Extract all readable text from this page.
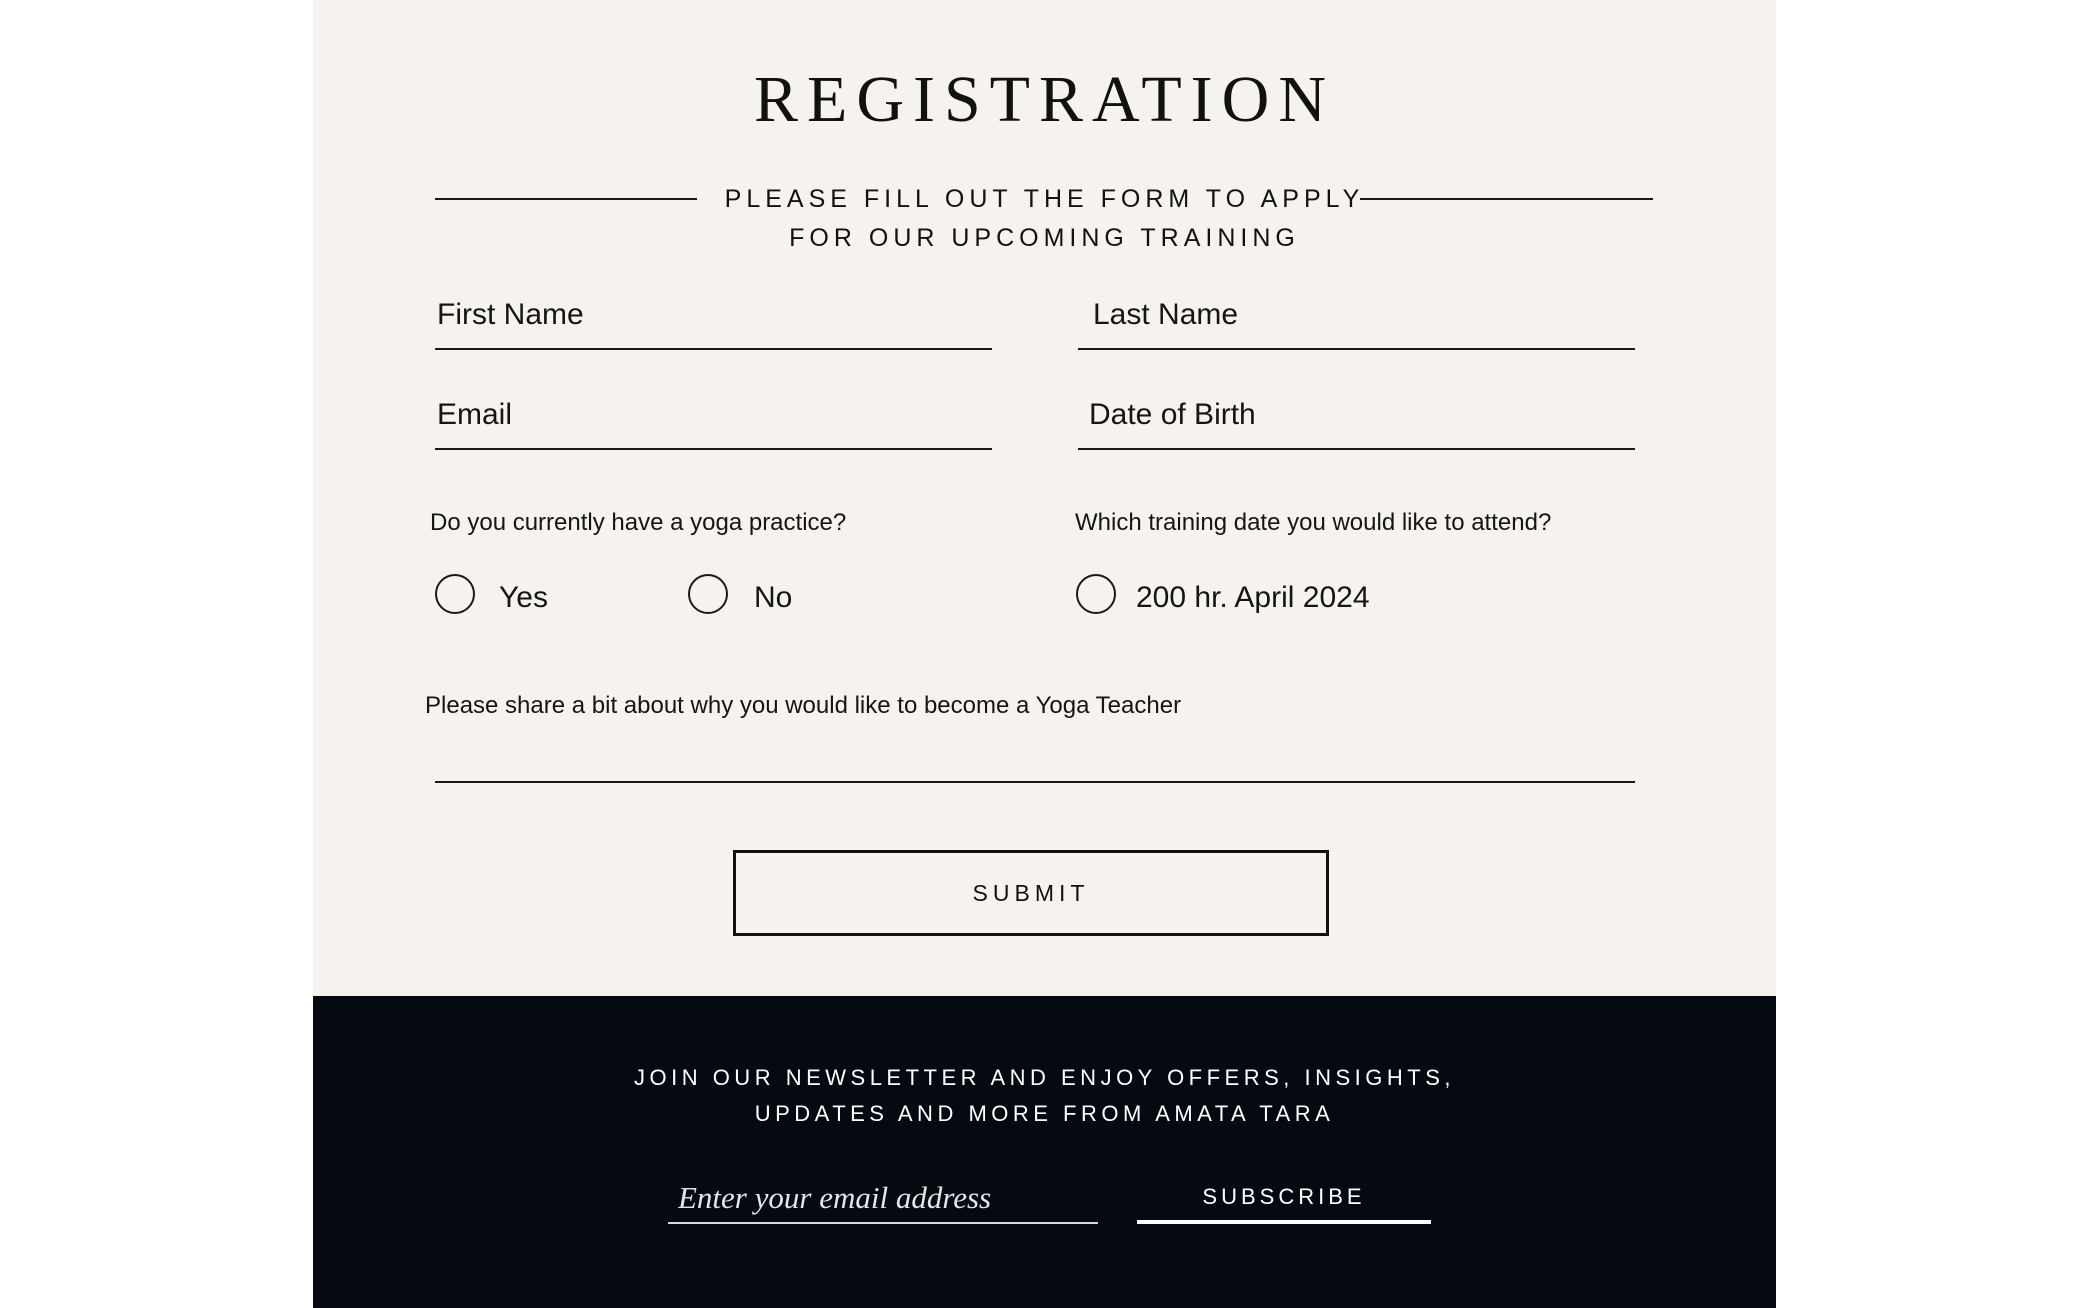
REGISTRATION
PLEASE FILL OUT THE FORM TO APPLY
FOR OUR UPCOMING TRAINING
First Name	Last Name
Email	Date of Birth
Do you currently have a yoga practice?
Yes	No
Which training date you would like to attend?
200 hr. April 2024
Please share a bit about why you would like to become a Yoga Teacher
SUBMIT
JOIN OUR NEWSLETTER AND ENJOY OFFERS, INSIGHTS,
UPDATES AND MORE FROM AMATA TARA
Enter your email address
SUBSCRIBE
